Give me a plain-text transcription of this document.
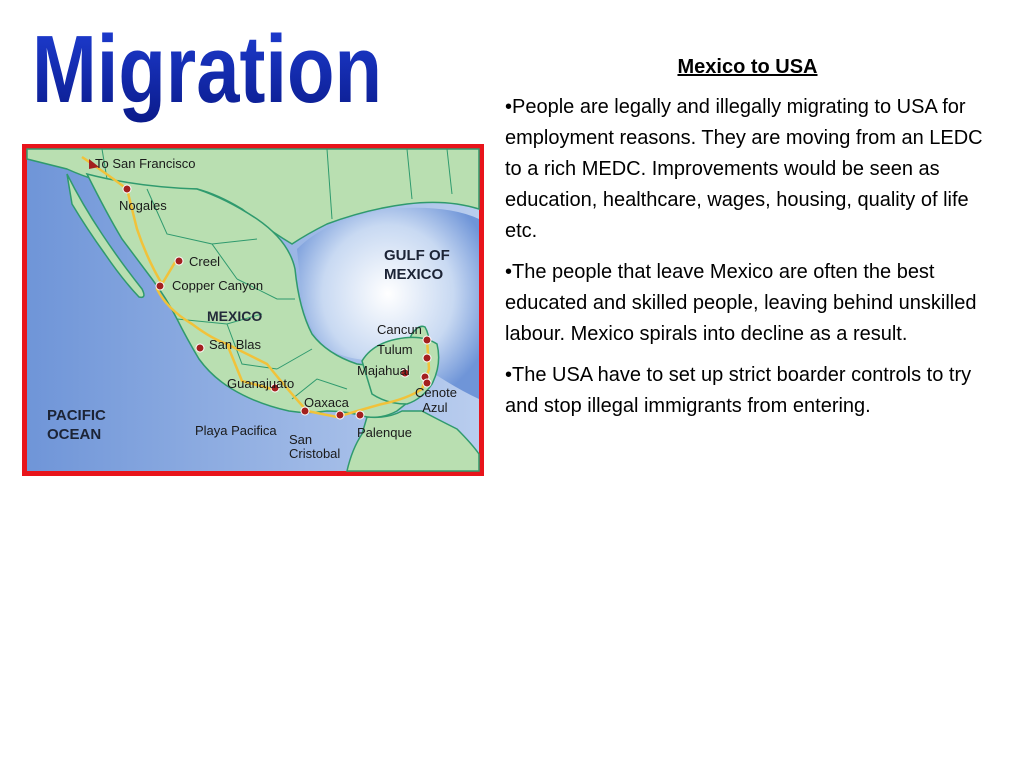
Migration
To San Francisco
Nogales
Creel
Copper Canyon
MEXICO
San Blas
Guanajuato
Oaxaca
Playa Pacifica
San
Cristobal
Palenque
Cancun
Tulum
Majahual
Cenote
Azul
GULF OF
MEXICO
PACIFIC
OCEAN
Mexico to USA

•People are legally and illegally migrating to USA for employment reasons. They are moving from an LEDC to a rich MEDC. Improvements would be seen as education, healthcare, wages, housing, quality of life etc.

•The people that leave Mexico are often the best educated and skilled people, leaving behind unskilled labour. Mexico spirals into decline as a result.

•The USA have to set up strict boarder controls to try and stop illegal immigrants from entering.
